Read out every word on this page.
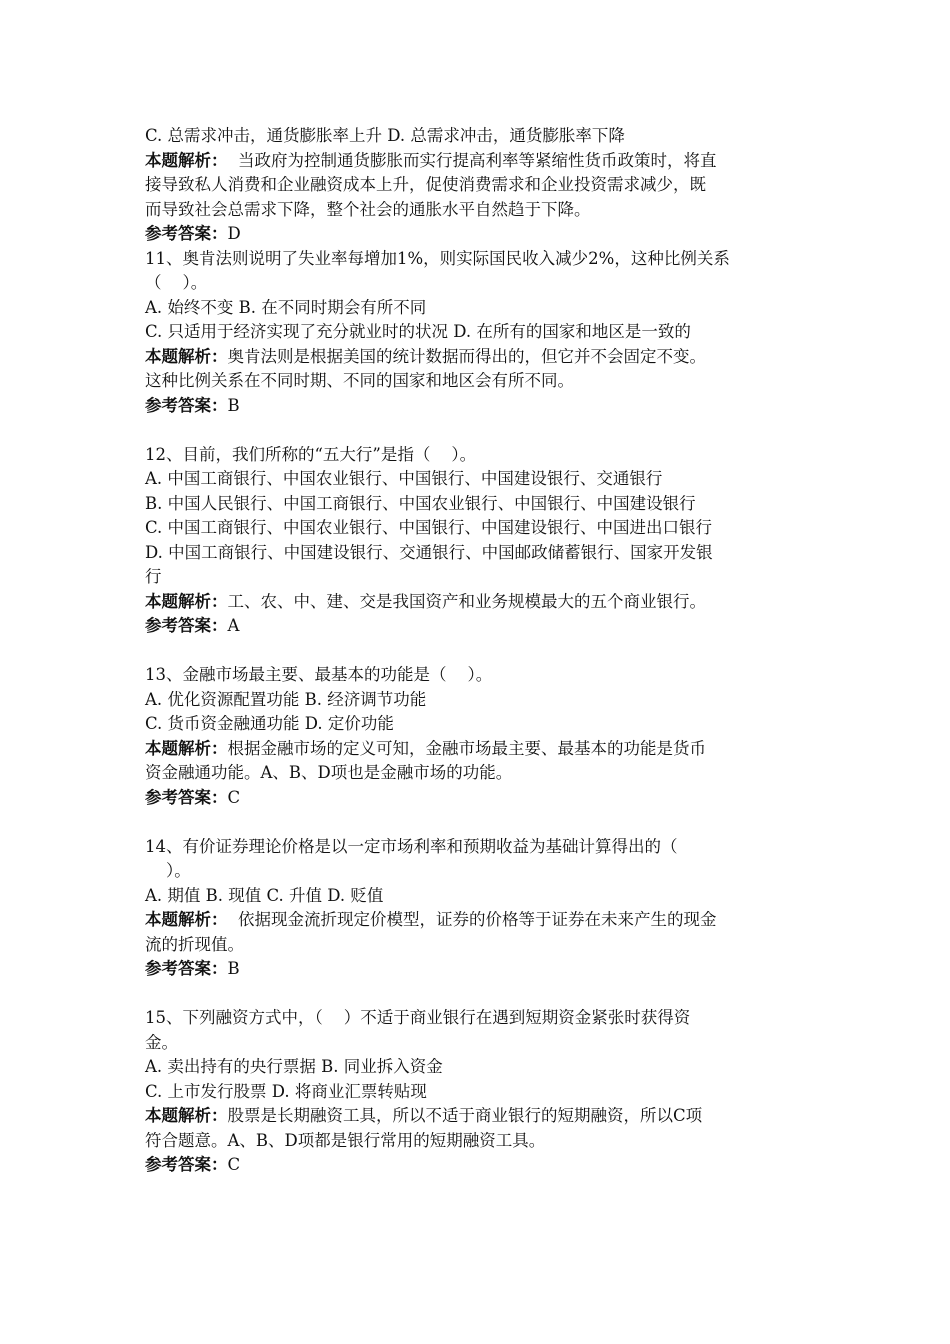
C. 总需求冲击，通货膨胀率上升 D. 总需求冲击，通货膨胀率下降
本题解析：  当政府为控制通货膨胀而实行提高利率等紧缩性货币政策时，将直
接导致私人消费和企业融资成本上升，促使消费需求和企业投资需求减少，既
而导致社会总需求下降，整个社会的通胀水平自然趋于下降。
参考答案：D
11、奥肯法则说明了失业率每增加1%，则实际国民收入减少2%，这种比例关系
（    ）。
A. 始终不变 B. 在不同时期会有所不同
C. 只适用于经济实现了充分就业时的状况 D. 在所有的国家和地区是一致的
本题解析：奥肯法则是根据美国的统计数据而得出的，但它并不会固定不变。
这种比例关系在不同时期、不同的国家和地区会有所不同。
参考答案：B
12、目前，我们所称的“五大行”是指（    ）。
A. 中国工商银行、中国农业银行、中国银行、中国建设银行、交通银行
B. 中国人民银行、中国工商银行、中国农业银行、中国银行、中国建设银行
C. 中国工商银行、中国农业银行、中国银行、中国建设银行、中国进出口银行
D. 中国工商银行、中国建设银行、交通银行、中国邮政储蓄银行、国家开发银
行
本题解析：工、农、中、建、交是我国资产和业务规模最大的五个商业银行。
参考答案：A
13、金融市场最主要、最基本的功能是（    ）。
A. 优化资源配置功能 B. 经济调节功能
C. 货币资金融通功能 D. 定价功能
本题解析：根据金融市场的定义可知，金融市场最主要、最基本的功能是货币
资金融通功能。A、B、D项也是金融市场的功能。
参考答案：C
14、有价证券理论价格是以一定市场利率和预期收益为基础计算得出的（
）。
A. 期值 B. 现值 C. 升值 D. 贬值
本题解析：  依据现金流折现定价模型，证券的价格等于证券在未来产生的现金
流的折现值。
参考答案：B
15、下列融资方式中，（    ）不适于商业银行在遇到短期资金紧张时获得资
金。
A. 卖出持有的央行票据 B. 同业拆入资金
C. 上市发行股票 D. 将商业汇票转贴现
本题解析：股票是长期融资工具，所以不适于商业银行的短期融资，所以C项
符合题意。A、B、D项都是银行常用的短期融资工具。
参考答案：C
